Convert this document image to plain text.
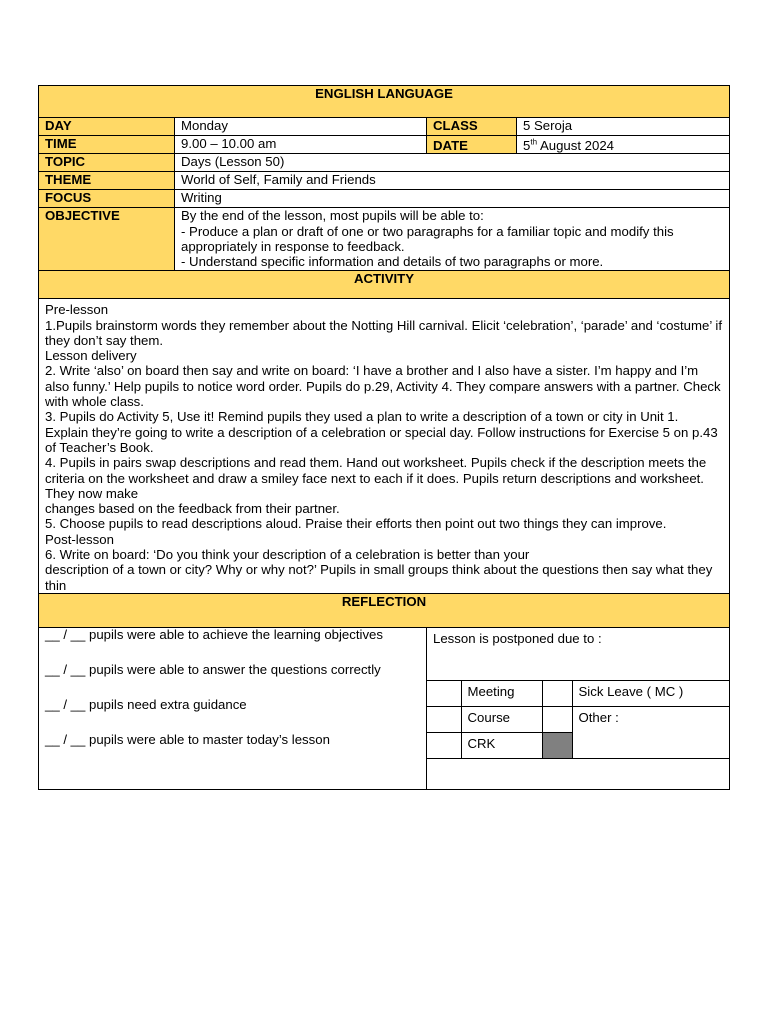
ENGLISH LANGUAGE
DAY	Monday	CLASS	5 Seroja
TIME	9.00 – 10.00 am	DATE	5th August 2024
TOPIC	Days (Lesson 50)
THEME	World of Self, Family and Friends
FOCUS	Writing
OBJECTIVE	By the end of the lesson, most pupils will be able to:
- Produce a plan or draft of one or two paragraphs for a familiar topic and modify this appropriately in response to feedback.
- Understand specific information and details of two paragraphs or more.

ACTIVITY

Pre-lesson
1.Pupils brainstorm words they remember about the Notting Hill carnival. Elicit ‘celebration’, ‘parade’ and ‘costume’ if they don’t say them.
Lesson delivery
2. Write ‘also’ on board then say and write on board: ‘I have a brother and I also have a sister. I’m happy and I’m also funny.’ Help pupils to notice word order. Pupils do p.29, Activity 4. They compare answers with a partner. Check with whole class.
3. Pupils do Activity 5, Use it! Remind pupils they used a plan to write a description of a town or city in Unit 1. Explain they’re going to write a description of a celebration or special day. Follow instructions for Exercise 5 on p.43 of Teacher’s Book.
4. Pupils in pairs swap descriptions and read them. Hand out worksheet. Pupils check if the description meets the criteria on the worksheet and draw a smiley face next to each if it does. Pupils return descriptions and worksheet. They now make
changes based on the feedback from their partner.
5. Choose pupils to read descriptions aloud. Praise their efforts then point out two things they can improve.
Post-lesson
6. Write on board: ‘Do you think your description of a celebration is better than your
description of a town or city? Why or why not?’ Pupils in small groups think about the questions then say what they thin

REFLECTION

__ / __ pupils were able to achieve the learning objectives
__ / __ pupils were able to answer the questions correctly
__ / __ pupils need extra guidance
__ / __ pupils were able to master today’s lesson

Lesson is postponed due to :
	Meeting		Sick Leave ( MC )
	Course		Other :
	CRK	
